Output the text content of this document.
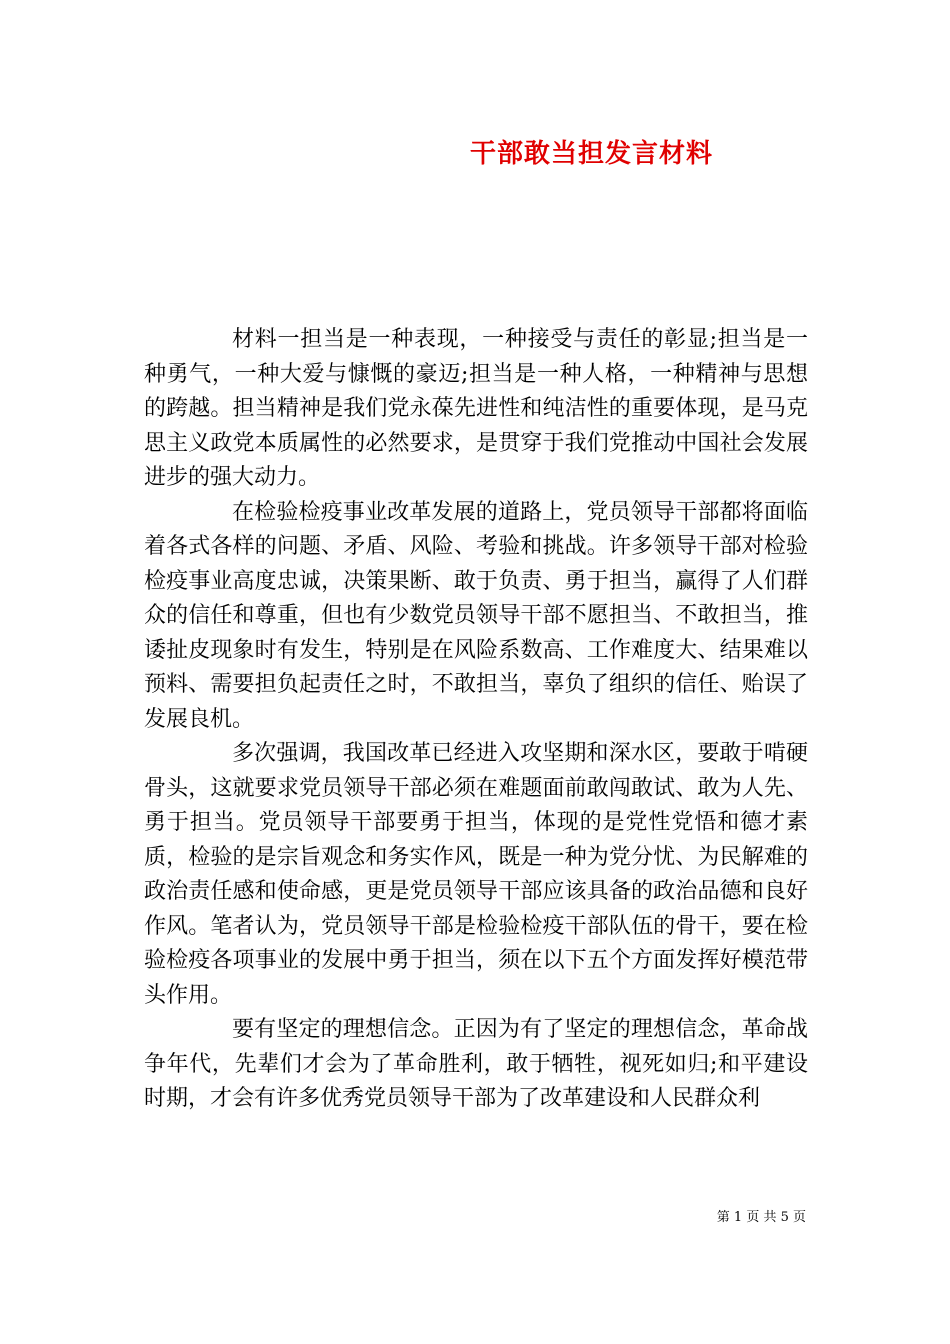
干部敢当担发言材料

材料一担当是一种表现，一种接受与责任的彰显;担当是一种勇气，一种大爱与慷慨的豪迈;担当是一种人格，一种精神与思想的跨越。担当精神是我们党永葆先进性和纯洁性的重要体现，是马克思主义政党本质属性的必然要求，是贯穿于我们党推动中国社会发展进步的强大动力。

在检验检疫事业改革发展的道路上，党员领导干部都将面临着各式各样的问题、矛盾、风险、考验和挑战。许多领导干部对检验检疫事业高度忠诚，决策果断、敢于负责、勇于担当，赢得了人们群众的信任和尊重，但也有少数党员领导干部不愿担当、不敢担当，推诿扯皮现象时有发生，特别是在风险系数高、工作难度大、结果难以预料、需要担负起责任之时，不敢担当，辜负了组织的信任、贻误了发展良机。

多次强调，我国改革已经进入攻坚期和深水区，要敢于啃硬骨头，这就要求党员领导干部必须在难题面前敢闯敢试、敢为人先、勇于担当。党员领导干部要勇于担当，体现的是党性党悟和德才素质，检验的是宗旨观念和务实作风，既是一种为党分忧、为民解难的政治责任感和使命感，更是党员领导干部应该具备的政治品德和良好作风。笔者认为，党员领导干部是检验检疫干部队伍的骨干，要在检验检疫各项事业的发展中勇于担当，须在以下五个方面发挥好模范带头作用。

要有坚定的理想信念。正因为有了坚定的理想信念，革命战争年代，先辈们才会为了革命胜利，敢于牺牲，视死如归;和平建设时期，才会有许多优秀党员领导干部为了改革建设和人民群众利

第 1 页 共 5 页
